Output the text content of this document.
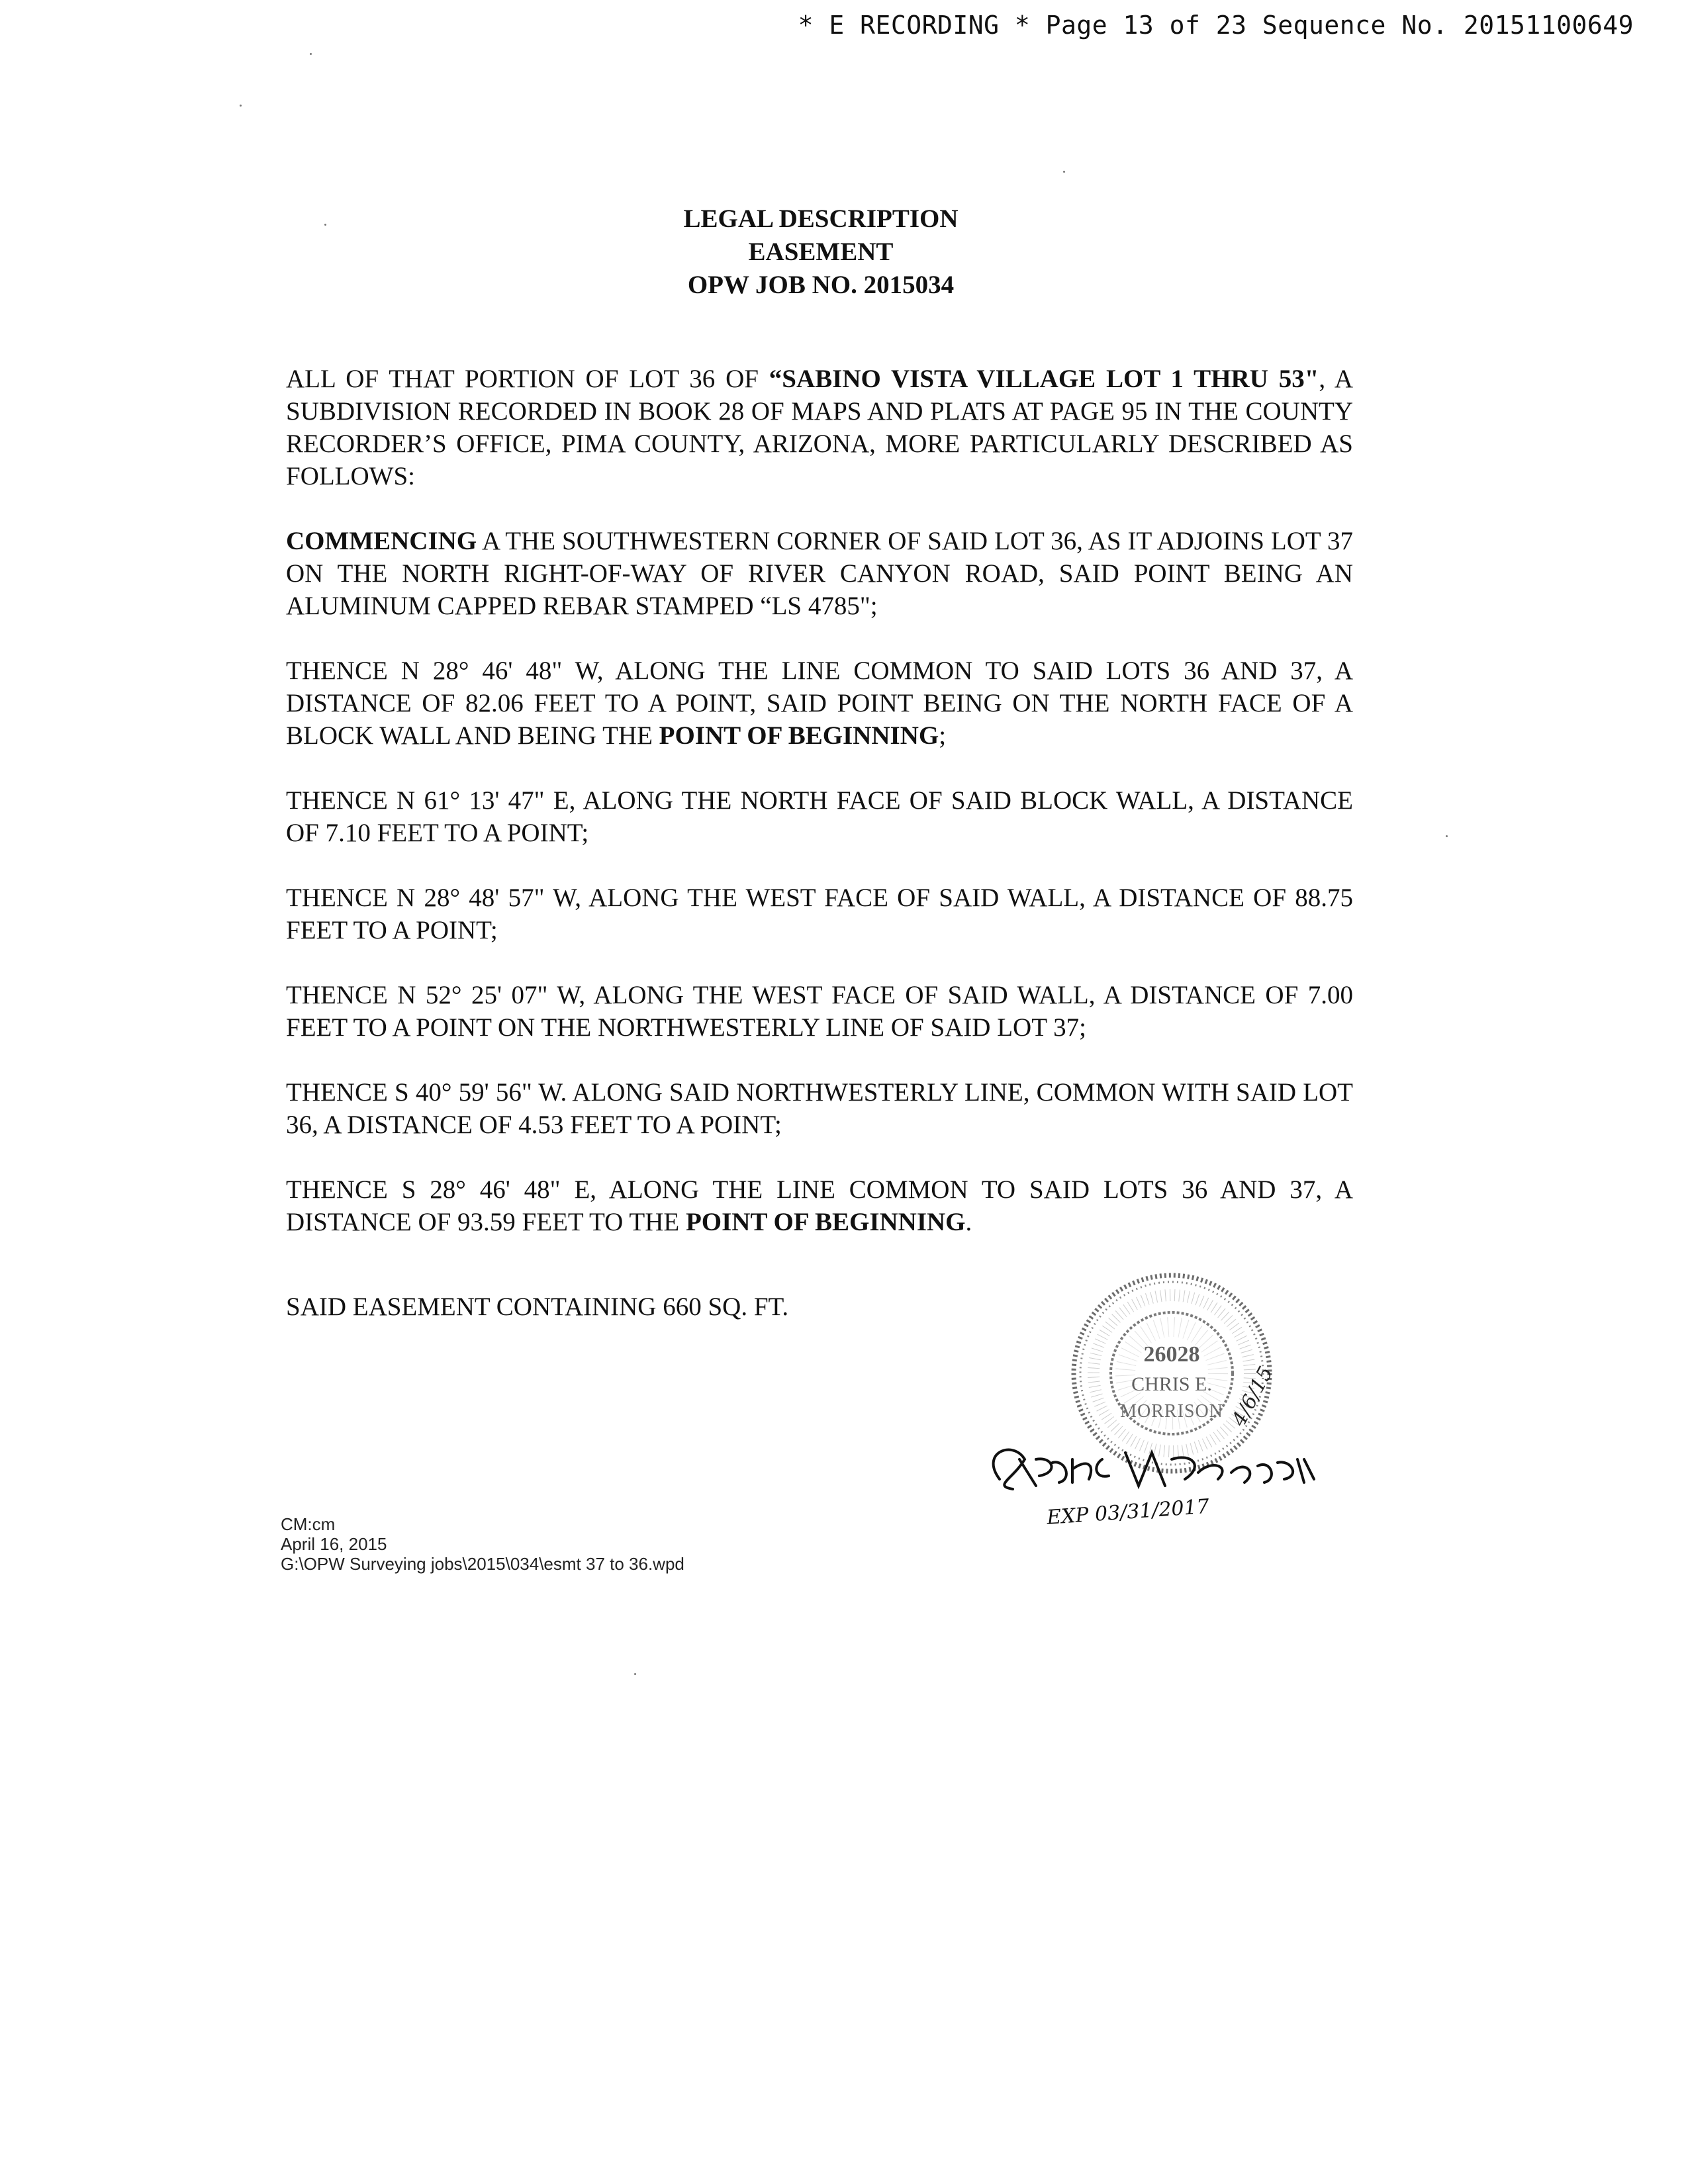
* E RECORDING * Page 13 of 23 Sequence No. 20151100649
LEGAL DESCRIPTION
EASEMENT
OPW JOB NO. 2015034

ALL OF THAT PORTION OF LOT 36 OF “SABINO VISTA VILLAGE LOT 1 THRU 53", A SUBDIVISION RECORDED IN BOOK 28 OF MAPS AND PLATS AT PAGE 95 IN THE COUNTY RECORDER’S OFFICE, PIMA COUNTY, ARIZONA, MORE PARTICULARLY DESCRIBED AS FOLLOWS:

COMMENCING A THE SOUTHWESTERN CORNER OF SAID LOT 36, AS IT ADJOINS LOT 37 ON THE NORTH RIGHT-OF-WAY OF RIVER CANYON ROAD, SAID POINT BEING AN ALUMINUM CAPPED REBAR STAMPED “LS 4785";

THENCE N 28° 46' 48" W, ALONG THE LINE COMMON TO SAID LOTS 36 AND 37, A DISTANCE OF 82.06 FEET TO A POINT, SAID POINT BEING ON THE NORTH FACE OF A BLOCK WALL AND BEING THE POINT OF BEGINNING;

THENCE N 61° 13' 47" E, ALONG THE NORTH FACE OF SAID BLOCK WALL, A DISTANCE OF 7.10 FEET TO A POINT;

THENCE N 28° 48' 57" W, ALONG THE WEST FACE OF SAID WALL, A DISTANCE OF 88.75 FEET TO A POINT;

THENCE N 52° 25' 07" W, ALONG THE WEST FACE OF SAID WALL, A DISTANCE OF 7.00 FEET TO A POINT ON THE NORTHWESTERLY LINE OF SAID LOT 37;

THENCE S 40° 59' 56" W. ALONG SAID NORTHWESTERLY LINE, COMMON WITH SAID LOT 36, A DISTANCE OF 4.53 FEET TO A POINT;

THENCE S 28° 46' 48" E, ALONG THE LINE COMMON TO SAID LOTS 36 AND 37, A DISTANCE OF 93.59 FEET TO THE POINT OF BEGINNING.

SAID EASEMENT CONTAINING 660 SQ. FT.
26028
CHRIS E.
MORRISON 4/6/15
EXP 03/31/2017
CM:cm
April 16, 2015
G:\OPW Surveying jobs\2015\034\esmt 37 to 36.wpd
